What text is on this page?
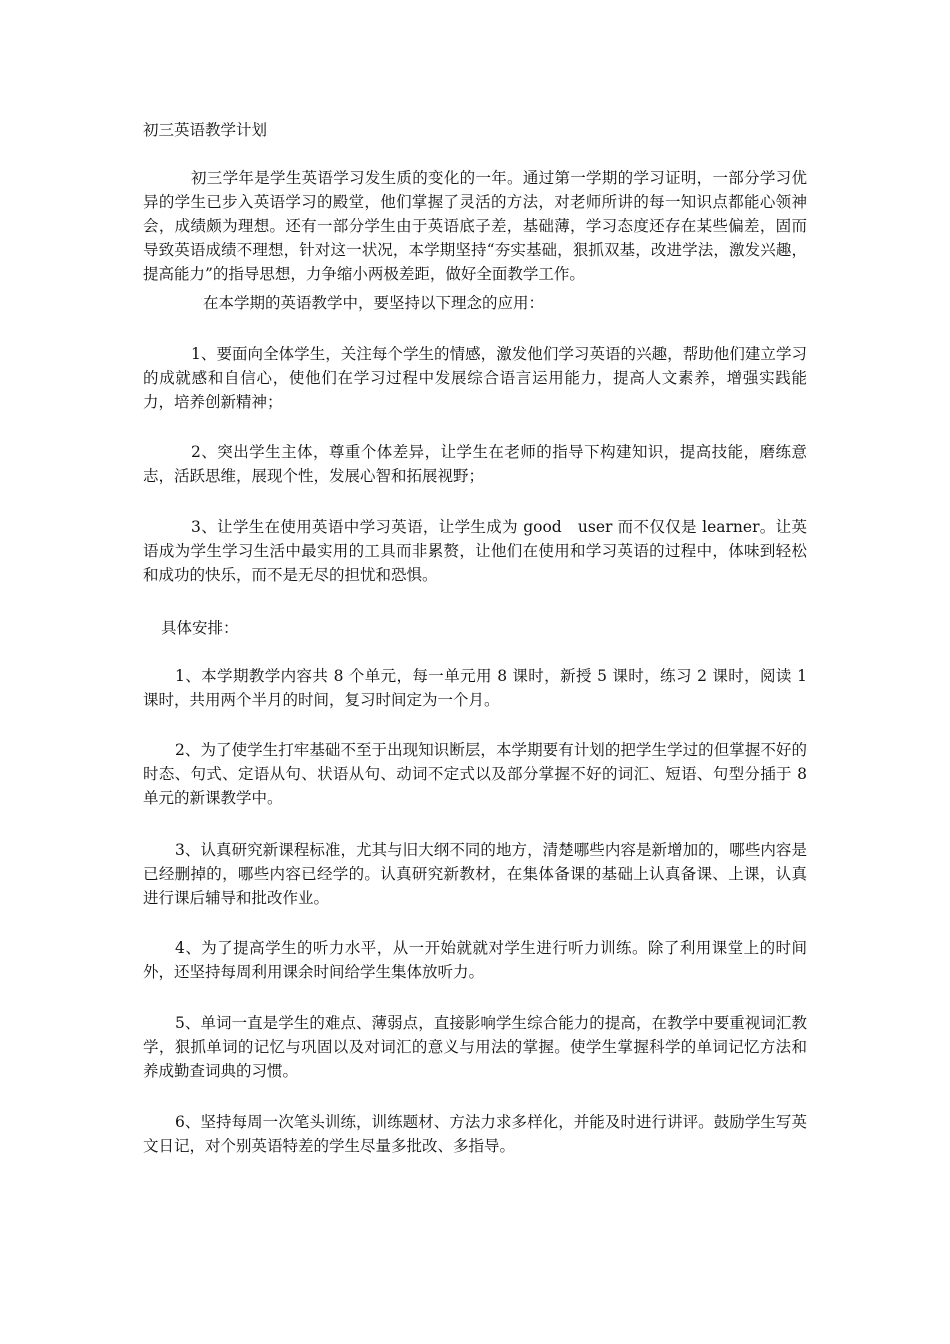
初三英语教学计划

初三学年是学生英语学习发生质的变化的一年。通过第一学期的学习证明，一部分学习优异的学生已步入英语学习的殿堂，他们掌握了灵活的方法，对老师所讲的每一知识点都能心领神会，成绩颇为理想。还有一部分学生由于英语底子差，基础薄，学习态度还存在某些偏差，固而导致英语成绩不理想，针对这一状况，本学期坚持“夯实基础，狠抓双基，改进学法，激发兴趣，提高能力”的指导思想，力争缩小两极差距，做好全面教学工作。

在本学期的英语教学中，要坚持以下理念的应用：

1、要面向全体学生，关注每个学生的情感，激发他们学习英语的兴趣，帮助他们建立学习的成就感和自信心，使他们在学习过程中发展综合语言运用能力，提高人文素养，增强实践能力，培养创新精神；

2、突出学生主体，尊重个体差异，让学生在老师的指导下构建知识，提高技能，磨练意志，活跃思维，展现个性，发展心智和拓展视野；

3、让学生在使用英语中学习英语，让学生成为 good　user 而不仅仅是 learner。让英语成为学生学习生活中最实用的工具而非累赘，让他们在使用和学习英语的过程中，体味到轻松和成功的快乐，而不是无尽的担忧和恐惧。

具体安排：

1、本学期教学内容共 8 个单元，每一单元用 8 课时，新授 5 课时，练习 2 课时，阅读 1 课时，共用两个半月的时间，复习时间定为一个月。

2、为了使学生打牢基础不至于出现知识断层，本学期要有计划的把学生学过的但掌握不好的时态、句式、定语从句、状语从句、动词不定式以及部分掌握不好的词汇、短语、句型分插于 8 单元的新课教学中。

3、认真研究新课程标准，尤其与旧大纲不同的地方，清楚哪些内容是新增加的，哪些内容是已经删掉的，哪些内容已经学的。认真研究新教材，在集体备课的基础上认真备课、上课，认真进行课后辅导和批改作业。

4、为了提高学生的听力水平，从一开始就就对学生进行听力训练。除了利用课堂上的时间外，还坚持每周利用课余时间给学生集体放听力。

5、单词一直是学生的难点、薄弱点，直接影响学生综合能力的提高，在教学中要重视词汇教学，狠抓单词的记忆与巩固以及对词汇的意义与用法的掌握。使学生掌握科学的单词记忆方法和养成勤查词典的习惯。

6、坚持每周一次笔头训练，训练题材、方法力求多样化，并能及时进行讲评。鼓励学生写英文日记，对个别英语特差的学生尽量多批改、多指导。
